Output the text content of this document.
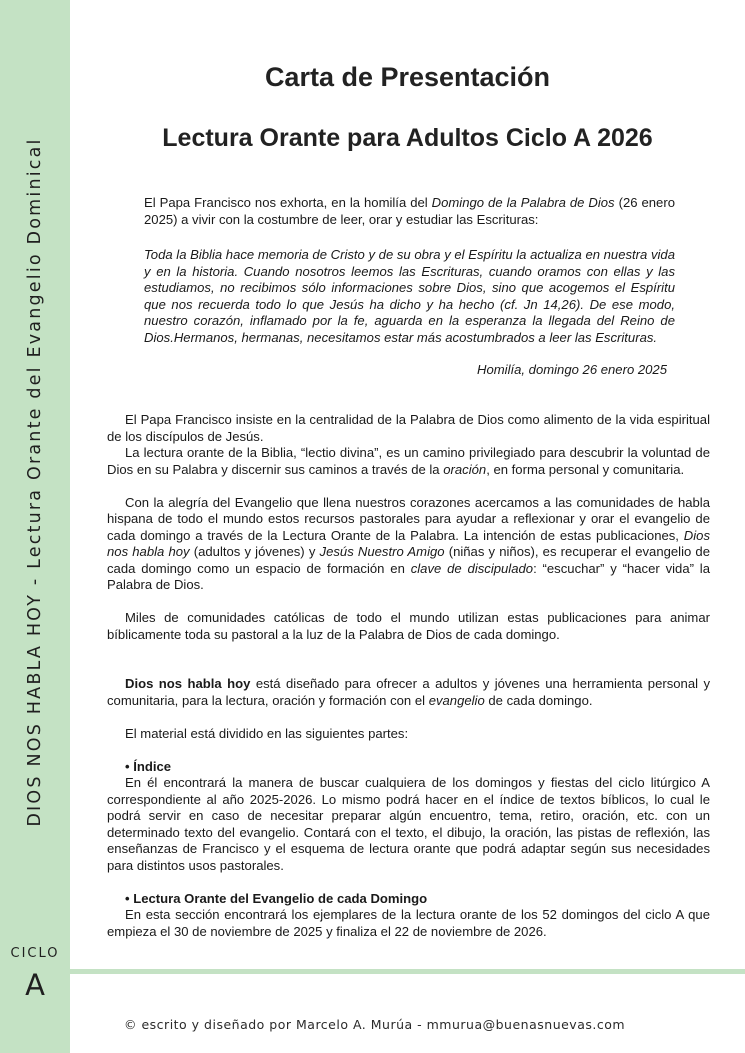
DIOS NOS HABLA HOY - Lectura Orante del Evangelio Dominical
CICLO
A
Carta de Presentación
Lectura Orante para Adultos Ciclo A 2026

El Papa Francisco nos exhorta, en la homilía del Domingo de la Palabra de Dios (26 enero 2025) a vivir con la costumbre de leer, orar y estudiar las Escrituras:

Toda la Biblia hace memoria de Cristo y de su obra y el Espíritu la actualiza en nuestra vida y en la historia. Cuando nosotros leemos las Escrituras, cuando oramos con ellas y las estudiamos, no recibimos sólo informaciones sobre Dios, sino que acogemos el Espíritu que nos recuerda todo lo que Jesús ha dicho y ha hecho (cf. Jn 14,26). De ese modo, nuestro corazón, inflamado por la fe, aguarda en la esperanza la llegada del Reino de Dios.Hermanos, hermanas, necesitamos estar más acostumbrados a leer las Escrituras.
Homilía, domingo 26 enero 2025

El Papa Francisco insiste en la centralidad de la Palabra de Dios como alimento de la vida espiritual de los discípulos de Jesús.

La lectura orante de la Biblia, “lectio divina”, es un camino privilegiado para descubrir la voluntad de Dios en su Palabra y discernir sus caminos a través de la oración, en forma personal y comunitaria.

Con la alegría del Evangelio que llena nuestros corazones acercamos a las comunidades de habla hispana de todo el mundo estos recursos pastorales para ayudar a reflexionar y orar el evangelio de cada domingo a través de la Lectura Orante de la Palabra. La intención de estas publicaciones, Dios nos habla hoy (adultos y jóvenes) y Jesús Nuestro Amigo (niñas y niños), es recuperar el evangelio de cada domingo como un espacio de formación en clave de discipulado: “escuchar” y “hacer vida” la Palabra de Dios.

Miles de comunidades católicas de todo el mundo utilizan estas publicaciones para animar bíblicamente toda su pastoral a la luz de la Palabra de Dios de cada domingo.

Dios nos habla hoy está diseñado para ofrecer a adultos y jóvenes una herramienta personal y comunitaria, para la lectura, oración y formación con el evangelio de cada domingo.

El material está dividido en las siguientes partes:

• Índice

En él encontrará la manera de buscar cualquiera de los domingos y fiestas del ciclo litúrgico A correspondiente al año 2025-2026. Lo mismo podrá hacer en el índice de textos bíblicos, lo cual le podrá servir en caso de necesitar preparar algún encuentro, tema, retiro, oración, etc. con un determinado texto del evangelio. Contará con el texto, el dibujo, la oración, las pistas de reflexión, las enseñanzas de Francisco y el esquema de lectura orante que podrá adaptar según sus necesidades para distintos usos pastorales.

• Lectura Orante del Evangelio de cada Domingo

En esta sección encontrará los ejemplares de la lectura orante de los 52 domingos del ciclo A que empieza el 30 de noviembre de 2025 y finaliza el 22 de noviembre de 2026.

© escrito y diseñado por Marcelo A. Murúa - mmurua@buenasnuevas.com
